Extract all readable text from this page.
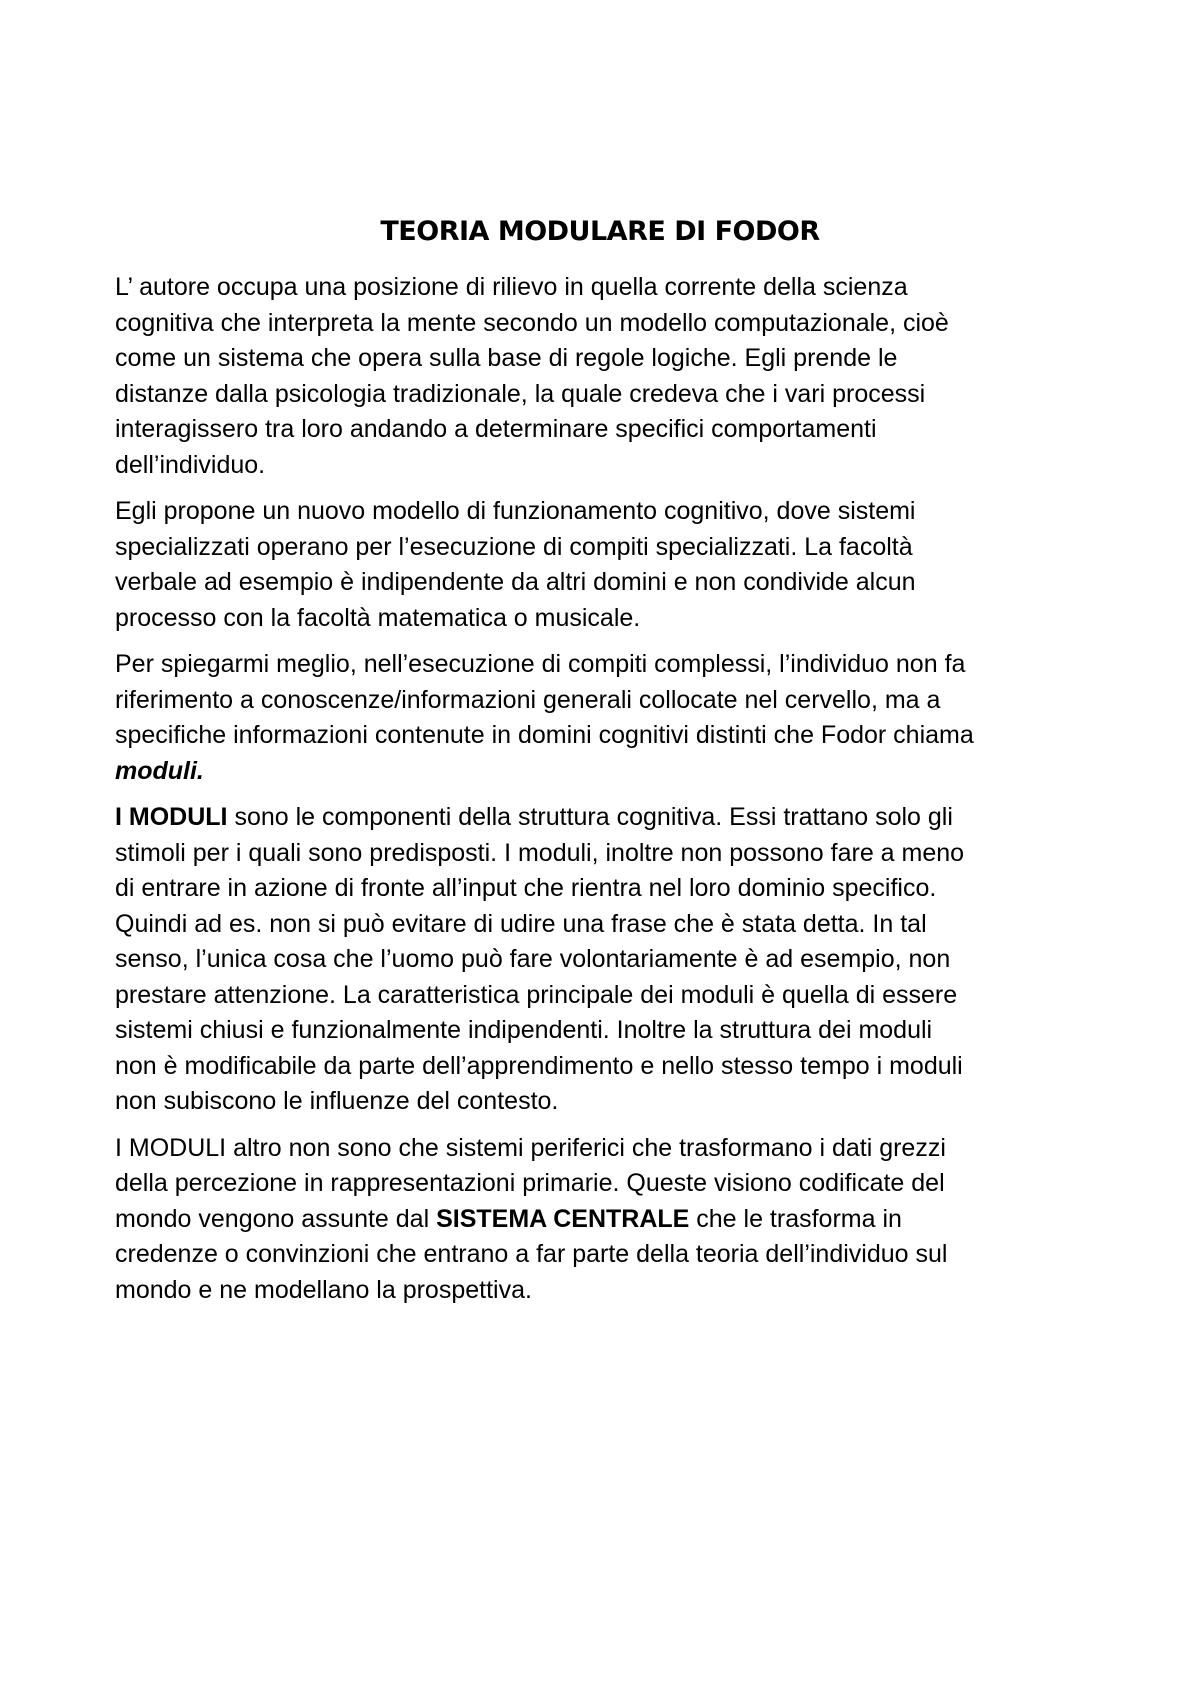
TEORIA MODULARE DI FODOR

L’ autore occupa una posizione di rilievo in quella corrente della scienza
cognitiva che interpreta la mente secondo un modello computazionale, cioè
come un sistema che opera sulla base di regole logiche. Egli prende le
distanze dalla psicologia tradizionale, la quale credeva che i vari processi
interagissero tra loro andando a determinare specifici comportamenti
dell’individuo.

Egli propone un nuovo modello di funzionamento cognitivo, dove sistemi
specializzati operano per l’esecuzione di compiti specializzati. La facoltà
verbale ad esempio è indipendente da altri domini e non condivide alcun
processo con la facoltà matematica o musicale.

Per spiegarmi meglio, nell’esecuzione di compiti complessi, l’individuo non fa
riferimento a conoscenze/informazioni generali collocate nel cervello, ma a
specifiche informazioni contenute in domini cognitivi distinti che Fodor chiama
moduli.

I MODULI sono le componenti della struttura cognitiva. Essi trattano solo gli
stimoli per i quali sono predisposti. I moduli, inoltre non possono fare a meno
di entrare in azione di fronte all’input che rientra nel loro dominio specifico.
Quindi ad es. non si può evitare di udire una frase che è stata detta. In tal
senso, l’unica cosa che l’uomo può fare volontariamente è ad esempio, non
prestare attenzione. La caratteristica principale dei moduli è quella di essere
sistemi chiusi e funzionalmente indipendenti. Inoltre la struttura dei moduli
non è modificabile da parte dell’apprendimento e nello stesso tempo i moduli
non subiscono le influenze del contesto.

I MODULI altro non sono che sistemi periferici che trasformano i dati grezzi
della percezione in rappresentazioni primarie. Queste visiono codificate del
mondo vengono assunte dal SISTEMA CENTRALE che le trasforma in
credenze o convinzioni che entrano a far parte della teoria dell’individuo sul
mondo e ne modellano la prospettiva.
